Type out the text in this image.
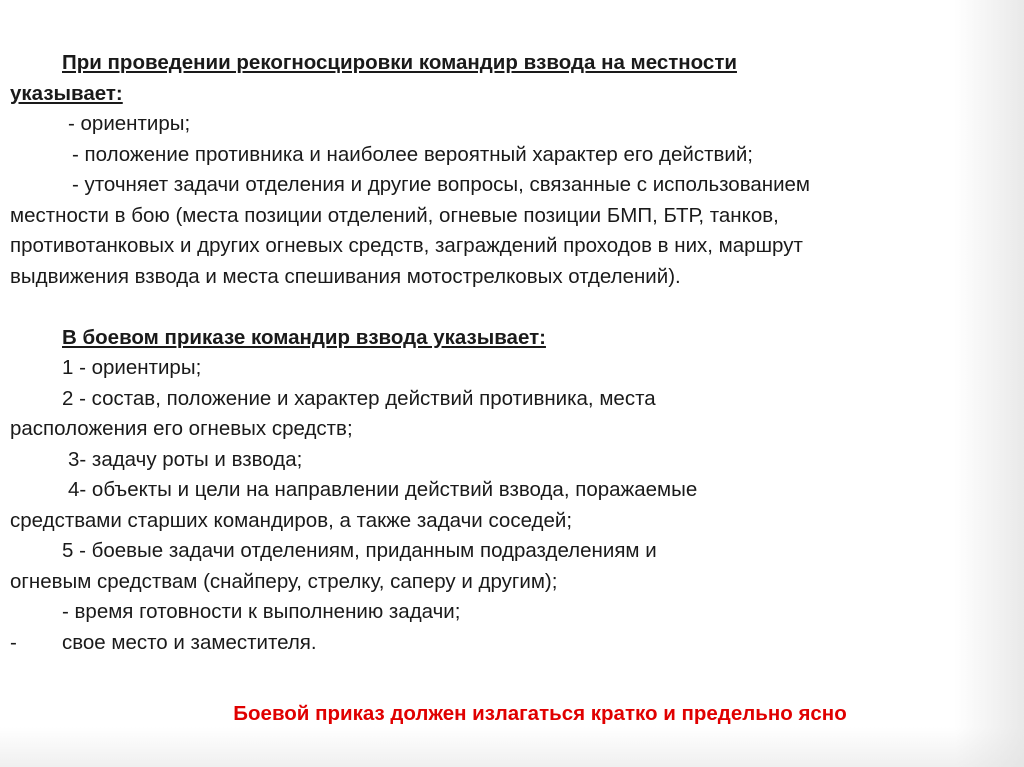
При проведении рекогносцировки командир взвода на местности
указывает:
- ориентиры;
- положение противника и наиболее вероятный характер его действий;
- уточняет задачи отделения и другие вопросы, связанные с использованием
местности в бою (места позиции отделений, огневые позиции БМП, БТР, танков,
противотанковых и других огневых средств, заграждений проходов в них, маршрут
выдвижения взвода и места спешивания мотострелковых отделений).
В боевом приказе командир взвода указывает:
1 - ориентиры;
2 - состав, положение и характер действий противника, места
расположения его огневых средств;
3- задачу роты и взвода;
4- объекты и цели на направлении действий взвода, поражаемые
средствами старших командиров, а также задачи соседей;
5 - боевые задачи отделениям, приданным подразделениям и
огневым средствам (снайперу, стрелку, саперу и другим);
- время готовности к выполнению задачи;
- свое место и заместителя.
Боевой приказ должен излагаться кратко и предельно ясно
